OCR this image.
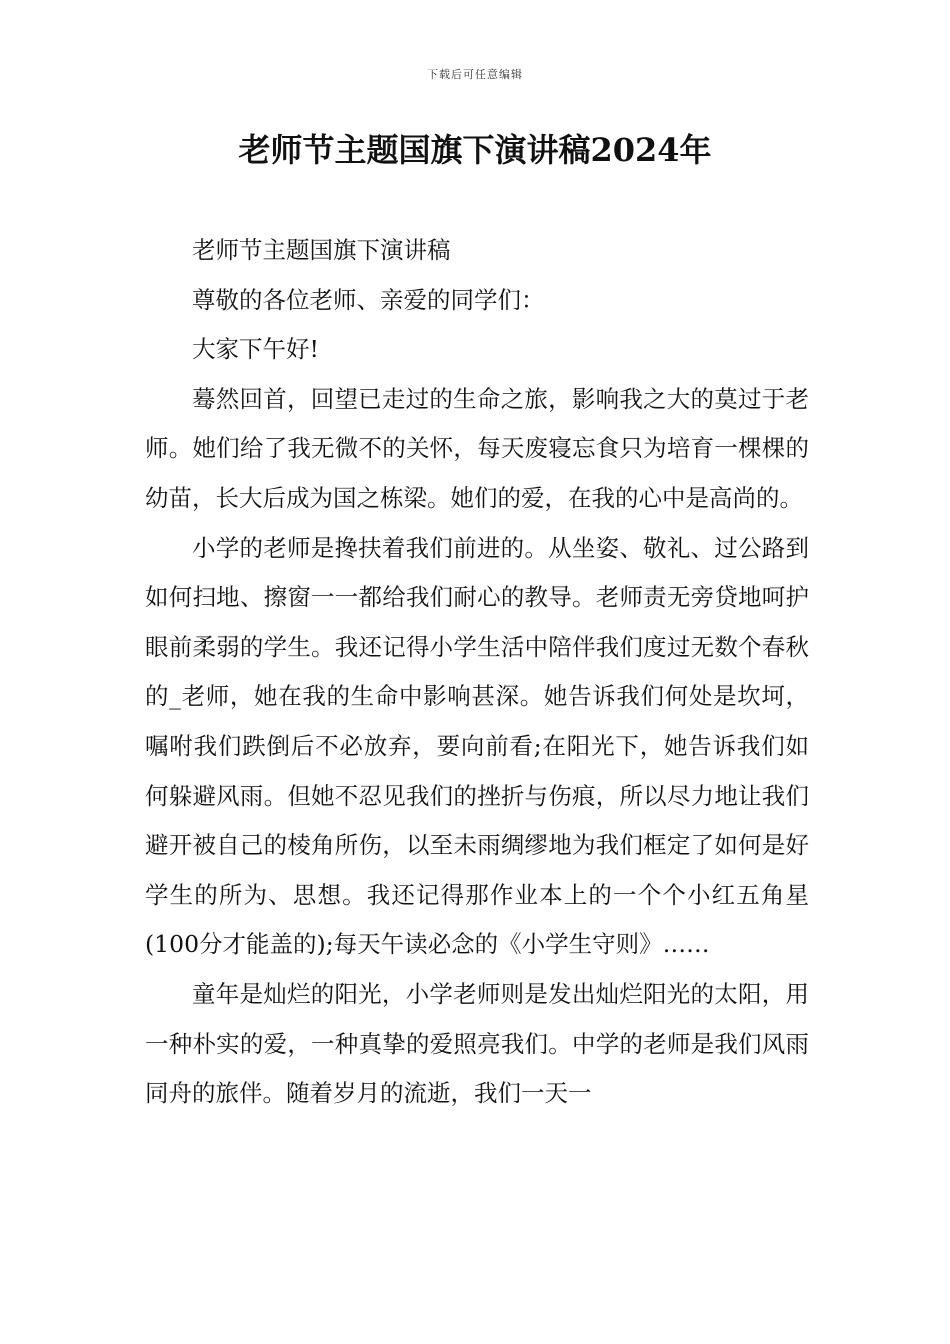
下载后可任意编辑
老师节主题国旗下演讲稿2024年

老师节主题国旗下演讲稿

尊敬的各位老师、亲爱的同学们：

大家下午好!

蓦然回首，回望已走过的生命之旅，影响我之大的莫过于老师。她们给了我无微不的关怀，每天废寝忘食只为培育一棵棵的幼苗，长大后成为国之栋梁。她们的爱，在我的心中是高尚的。

小学的老师是搀扶着我们前进的。从坐姿、敬礼、过公路到如何扫地、擦窗一一都给我们耐心的教导。老师责无旁贷地呵护眼前柔弱的学生。我还记得小学生活中陪伴我们度过无数个春秋的_老师，她在我的生命中影响甚深。她告诉我们何处是坎坷，嘱咐我们跌倒后不必放弃，要向前看;在阳光下，她告诉我们如何躲避风雨。但她不忍见我们的挫折与伤痕，所以尽力地让我们避开被自己的棱角所伤，以至未雨绸缪地为我们框定了如何是好学生的所为、思想。我还记得那作业本上的一个个小红五角星(100分才能盖的);每天午读必念的《小学生守则》……

童年是灿烂的阳光，小学老师则是发出灿烂阳光的太阳，用一种朴实的爱，一种真挚的爱照亮我们。中学的老师是我们风雨同舟的旅伴。随着岁月的流逝，我们一天一
